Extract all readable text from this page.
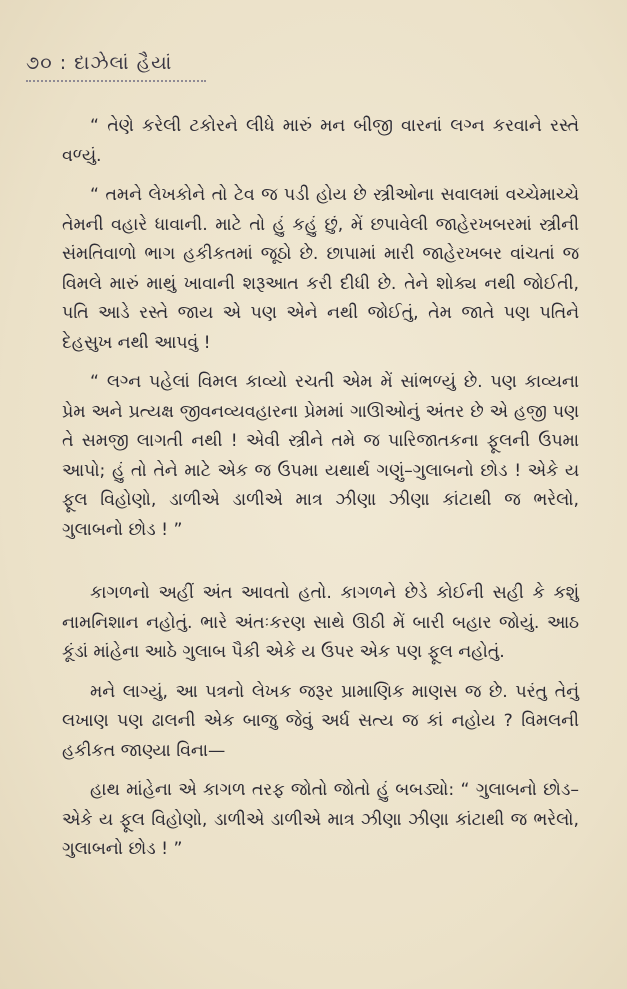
૭૦ : દાઝેલાં હૈયાં

“ તેણે કરેલી ટકોરને લીધે મારું મન બીજી વારનાં લગ્ન કરવાને રસ્તે વળ્યું.

“ તમને લેખકોને તો ટેવ જ પડી હોય છે સ્ત્રીઓના સવાલમાં વચ્ચેમાચ્ચે તેમની વહારે ધાવાની. માટે તો હું કહું છું, મેં છપાવેલી જાહેરખબરમાં સ્ત્રીની સંમતિવાળો ભાગ હકીકતમાં જૂઠો છે. છાપામાં મારી જાહેરખબર વાંચતાં જ વિમલે મારું માથું ખાવાની શરૂઆત કરી દીધી છે. તેને શોક્ય નથી જોઈતી, પતિ આડે રસ્તે જાય એ પણ એને નથી જોઈતું, તેમ જાતે પણ પતિને દેહસુખ નથી આપવું !

“ લગ્ન પહેલાં વિમલ કાવ્યો રચતી એમ મેં સાંભળ્યું છે. પણ કાવ્યના પ્રેમ અને પ્રત્યક્ષ જીવનવ્યવહારના પ્રેમમાં ગાઊઓનું અંતર છે એ હજી પણ તે સમજી લાગતી નથી ! એવી સ્ત્રીને તમે જ પારિજાતકના ફૂલની ઉપમા આપો; હું તો તેને માટે એક જ ઉપમા યથાર્થ ગણું–ગુલાબનો છોડ ! એકે ય ફૂલ વિહોણો, ડાળીએ ડાળીએ માત્ર ઝીણા ઝીણા કાંટાથી જ ભરેલો, ગુલાબનો છોડ ! ”

કાગળનો અહીં અંત આવતો હતો. કાગળને છેડે કોઈની સહી કે કશું નામનિશાન નહોતું. ભારે અંતઃકરણ સાથે ઊઠી મેં બારી બહાર જોયું. આઠ કૂંડાં માંહેના આઠે ગુલાબ પૈકી એકે ય ઉપર એક પણ ફૂલ નહોતું.

મને લાગ્યું, આ પત્રનો લેખક જરૂર પ્રામાણિક માણસ જ છે. પરંતુ તેનું લખાણ પણ ઢાલની એક બાજુ જેવું અર્ધ સત્ય જ કાં નહોય ? વિમલની હકીકત જાણ્યા વિના—

હાથ માંહેના એ કાગળ તરફ જોતો જોતો હું બબડ્યો: “ ગુલાબનો છોડ–એકે ય ફૂલ વિહોણો, ડાળીએ ડાળીએ માત્ર ઝીણા ઝીણા કાંટાથી જ ભરેલો, ગુલાબનો છોડ ! ”
